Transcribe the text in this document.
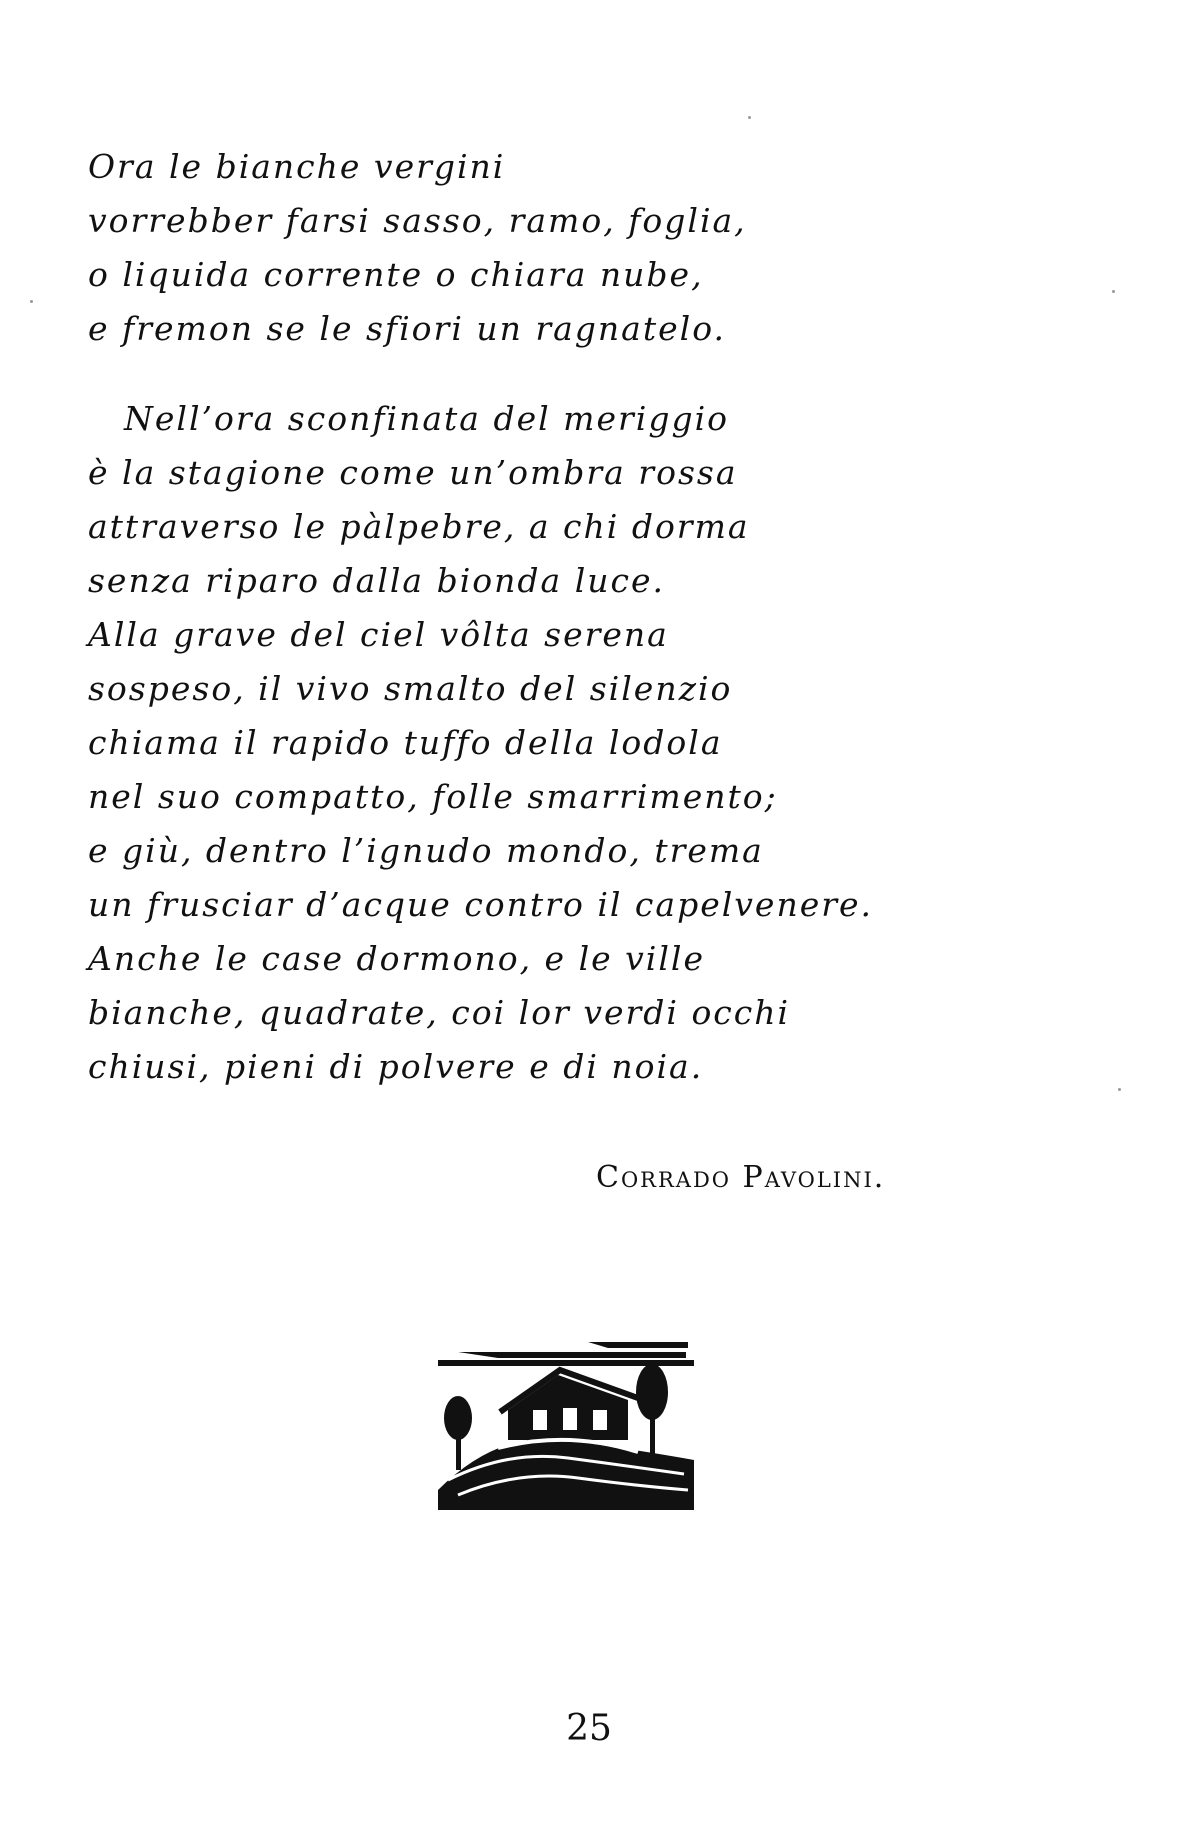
Ora le bianche vergini
vorrebber farsi sasso, ramo, foglia,
o liquida corrente o chiara nube,
e fremon se le sfiori un ragnatelo.
Nell’ora sconfinata del meriggio
è la stagione come un’ombra rossa
attraverso le pàlpebre, a chi dorma
senza riparo dalla bionda luce.
Alla grave del ciel vôlta serena
sospeso, il vivo smalto del silenzio
chiama il rapido tuffo della lodola
nel suo compatto, folle smarrimento;
e giù, dentro l’ignudo mondo, trema
un frusciar d’acque contro il capelvenere.
Anche le case dormono, e le ville
bianche, quadrate, coi lor verdi occhi
chiusi, pieni di polvere e di noia.
Corrado Pavolini.
25
